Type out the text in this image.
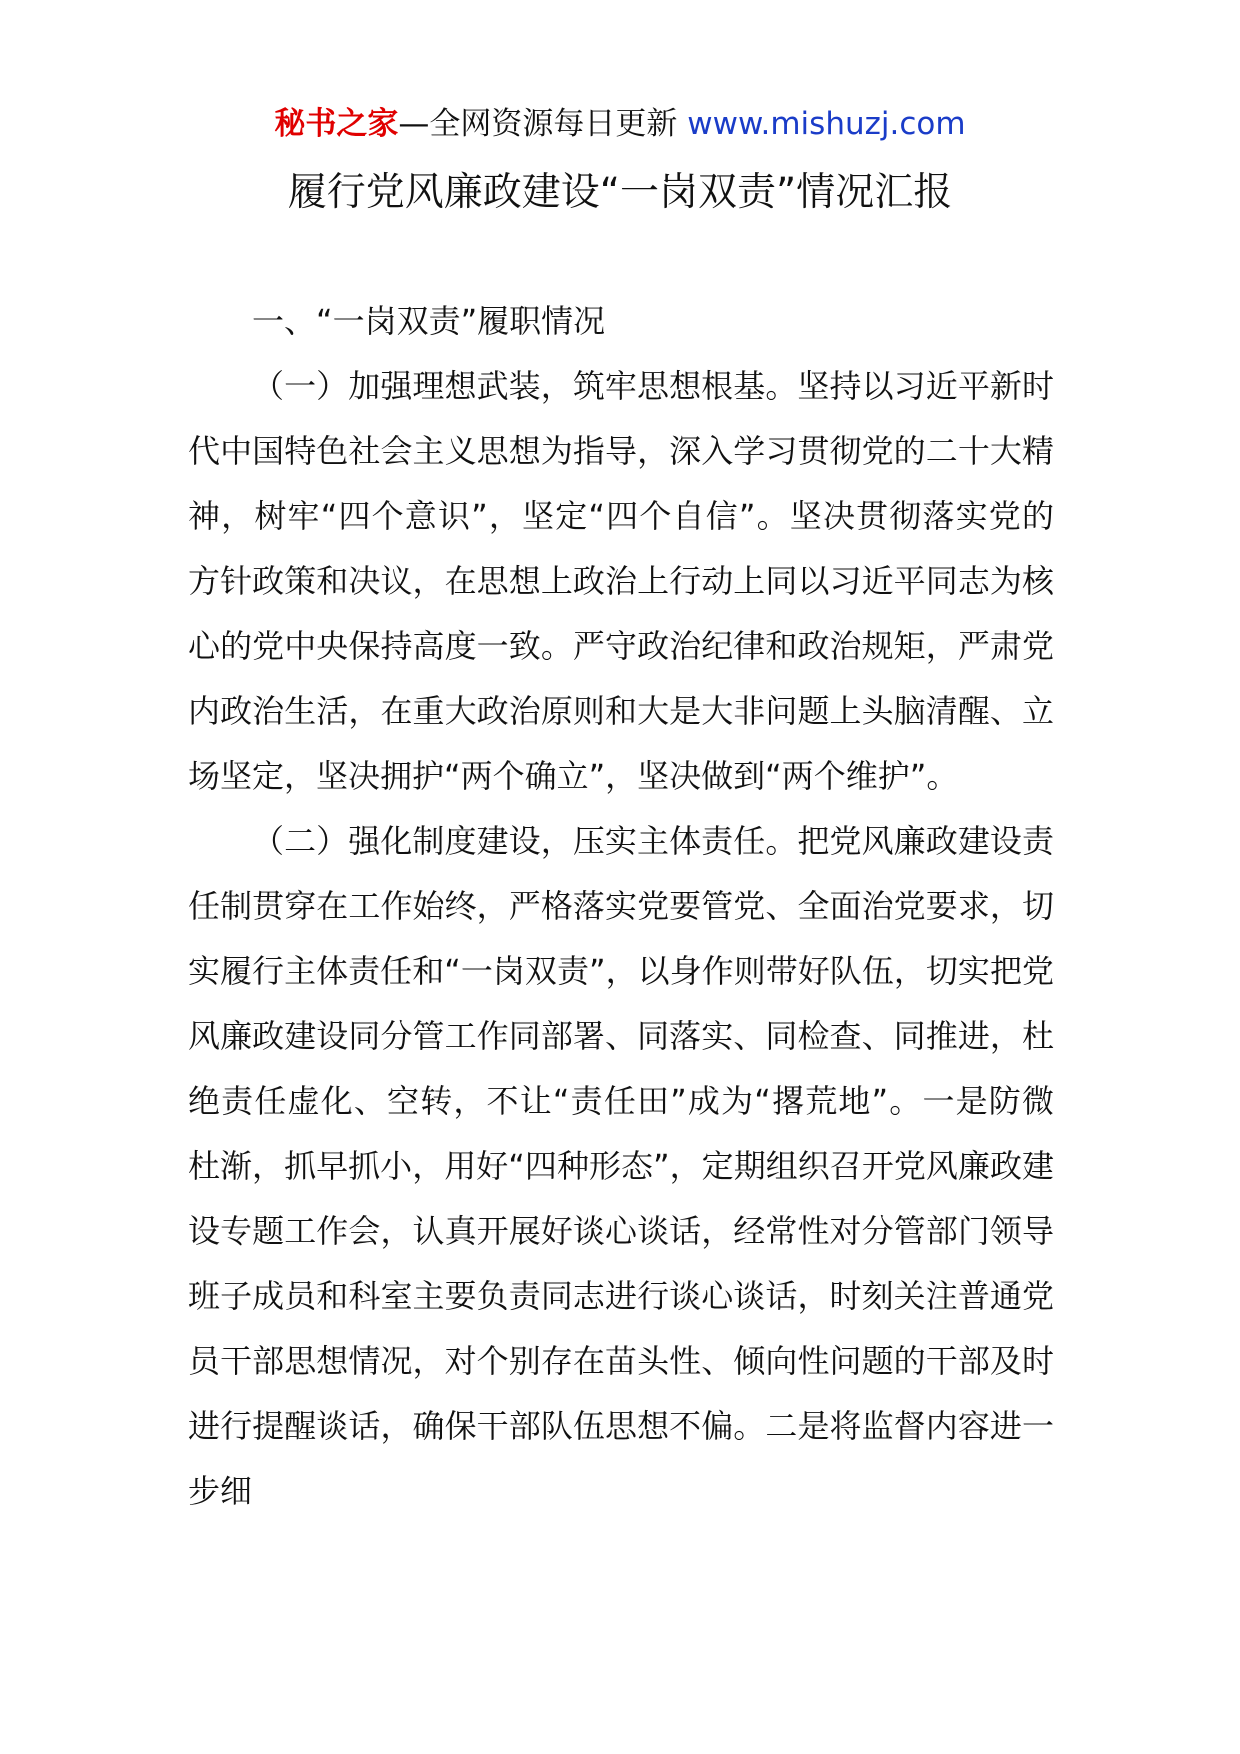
秘书之家—全网资源每日更新 www.mishuzj.com
履行党风廉政建设“一岗双责”情况汇报

一、“一岗双责”履职情况

（一）加强理想武装，筑牢思想根基。坚持以习近平新时代中国特色社会主义思想为指导，深入学习贯彻党的二十大精神，树牢“四个意识”，坚定“四个自信”。坚决贯彻落实党的方针政策和决议，在思想上政治上行动上同以习近平同志为核心的党中央保持高度一致。严守政治纪律和政治规矩，严肃党内政治生活，在重大政治原则和大是大非问题上头脑清醒、立场坚定，坚决拥护“两个确立”，坚决做到“两个维护”。

（二）强化制度建设，压实主体责任。把党风廉政建设责任制贯穿在工作始终，严格落实党要管党、全面治党要求，切实履行主体责任和“一岗双责”，以身作则带好队伍，切实把党风廉政建设同分管工作同部署、同落实、同检查、同推进，杜绝责任虚化、空转，不让“责任田”成为“撂荒地”。一是防微杜渐，抓早抓小，用好“四种形态”，定期组织召开党风廉政建设专题工作会，认真开展好谈心谈话，经常性对分管部门领导班子成员和科室主要负责同志进行谈心谈话，时刻关注普通党员干部思想情况，对个别存在苗头性、倾向性问题的干部及时进行提醒谈话，确保干部队伍思想不偏。二是将监督内容进一步细
